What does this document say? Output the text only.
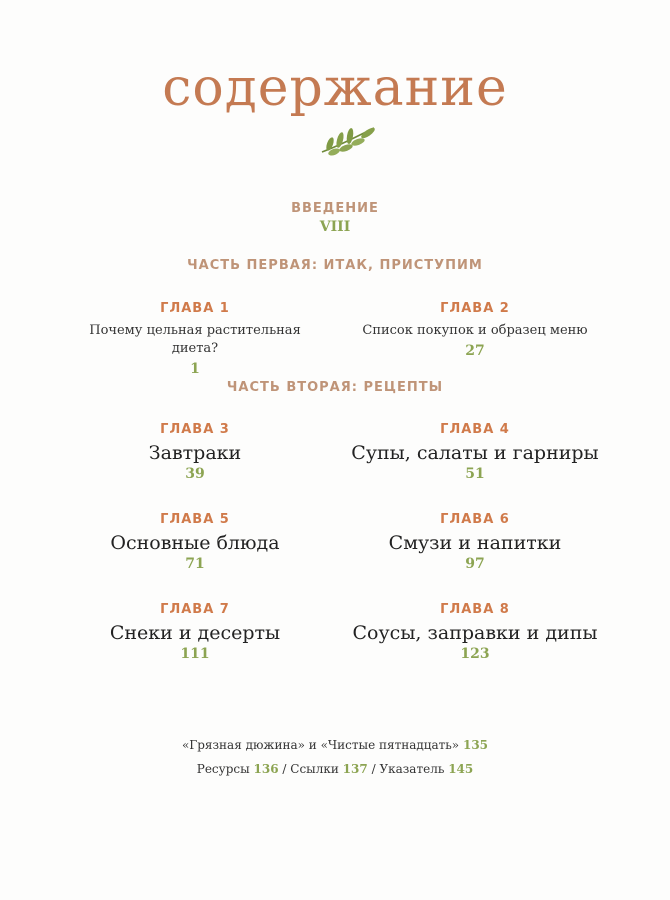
содержание
ВВЕДЕНИЕ
VIII
ЧАСТЬ ПЕРВАЯ: ИТАК, ПРИСТУПИМ
ГЛАВА 1
Почему цельная растительная диета?
1
ГЛАВА 2
Список покупок и образец меню
27
ЧАСТЬ ВТОРАЯ: РЕЦЕПТЫ
ГЛАВА 3
Завтраки
39
ГЛАВА 4
Супы, салаты и гарниры
51
ГЛАВА 5
Основные блюда
71
ГЛАВА 6
Смузи и напитки
97
ГЛАВА 7
Снеки и десерты
111
ГЛАВА 8
Соусы, заправки и дипы
123
«Грязная дюжина» и «Чистые пятнадцать» 135
Ресурсы 136 / Ссылки 137 / Указатель 145
